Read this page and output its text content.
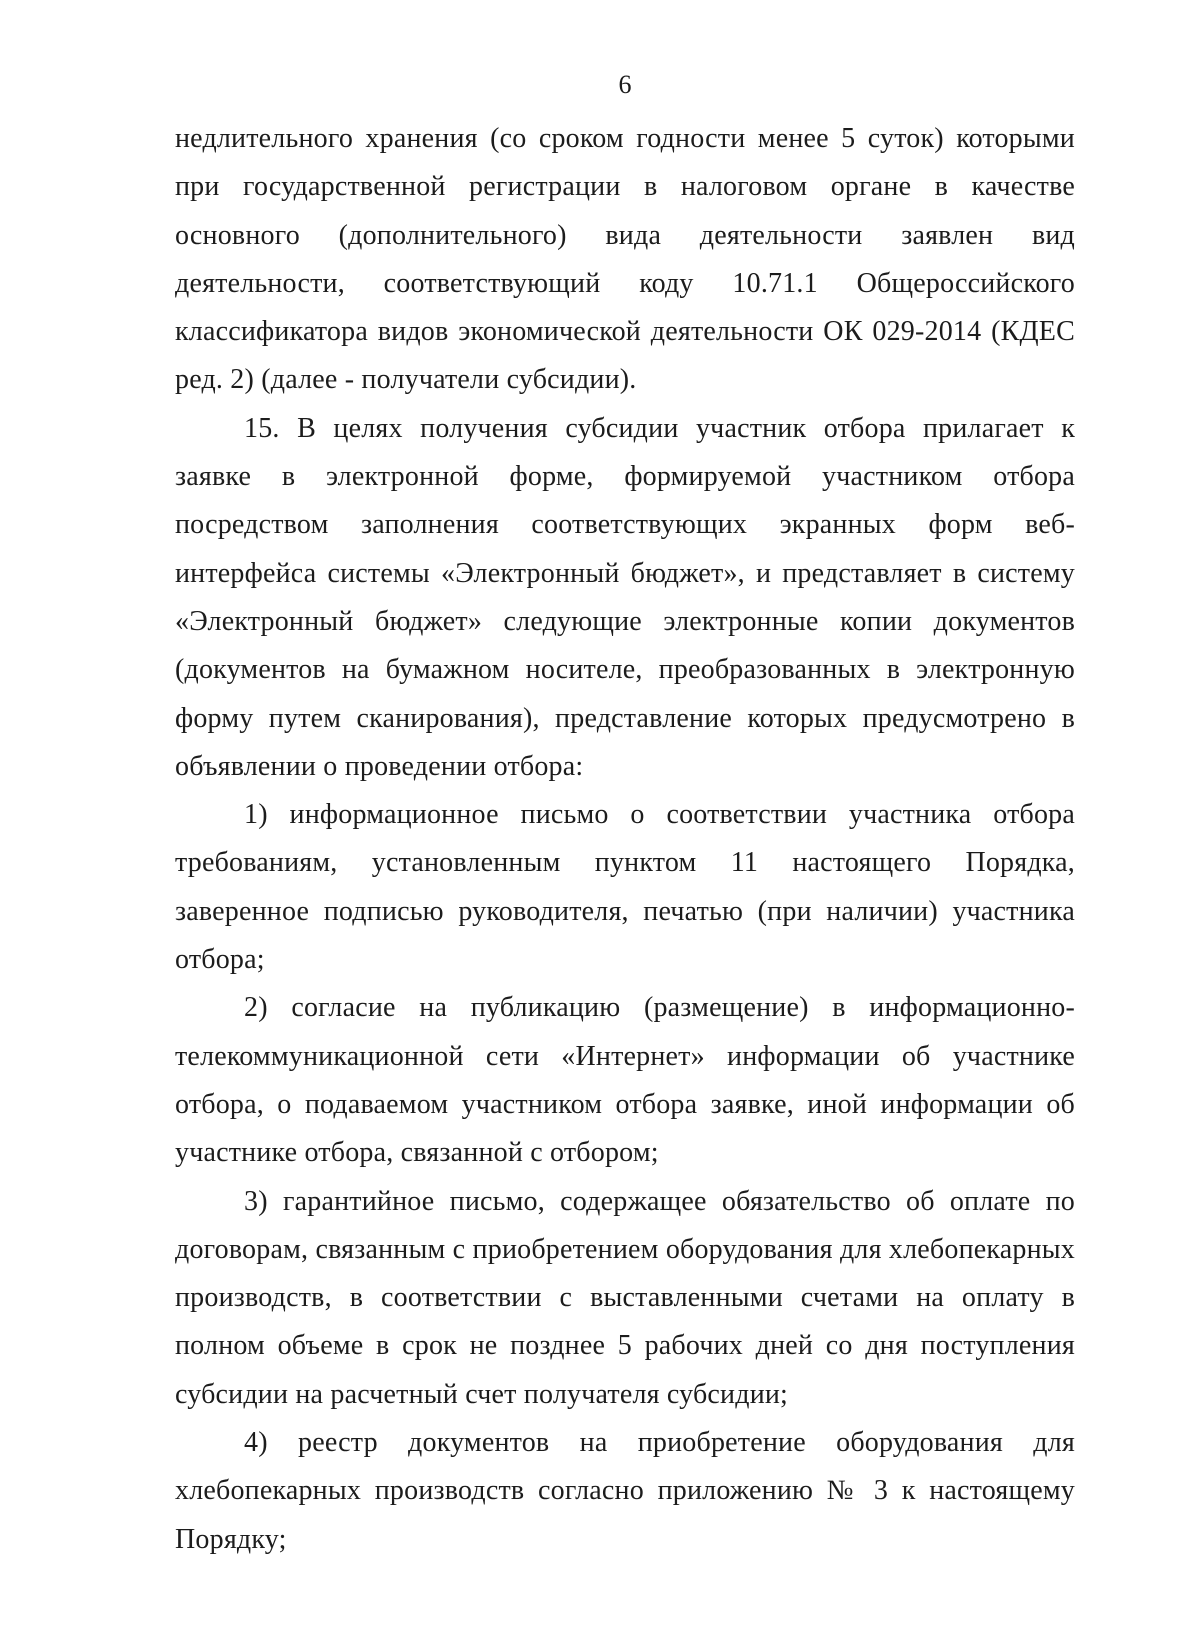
6

недлительного хранения (со сроком годности менее 5 суток) которыми при государственной регистрации в налоговом органе в качестве основного (дополнительного) вида деятельности заявлен вид деятельности, соответствующий коду 10.71.1 Общероссийского классификатора видов экономической деятельности ОК 029-2014 (КДЕС ред. 2) (далее - получатели субсидии).

15. В целях получения субсидии участник отбора прилагает к заявке в электронной форме, формируемой участником отбора посредством заполнения соответствующих экранных форм веб-интерфейса системы «Электронный бюджет», и представляет в систему «Электронный бюджет» следующие электронные копии документов (документов на бумажном носителе, преобразованных в электронную форму путем сканирования), представление которых предусмотрено в объявлении о проведении отбора:

1) информационное письмо о соответствии участника отбора требованиям, установленным пунктом 11 настоящего Порядка, заверенное подписью руководителя, печатью (при наличии) участника отбора;

2) согласие на публикацию (размещение) в информационно-телекоммуникационной сети «Интернет» информации об участнике отбора, о подаваемом участником отбора заявке, иной информации об участнике отбора, связанной с отбором;

3) гарантийное письмо, содержащее обязательство об оплате по договорам, связанным с приобретением оборудования для хлебопекарных производств, в соответствии с выставленными счетами на оплату в полном объеме в срок не позднее 5 рабочих дней со дня поступления субсидии на расчетный счет получателя субсидии;

4) реестр документов на приобретение оборудования для хлебопекарных производств согласно приложению № 3 к настоящему Порядку;
